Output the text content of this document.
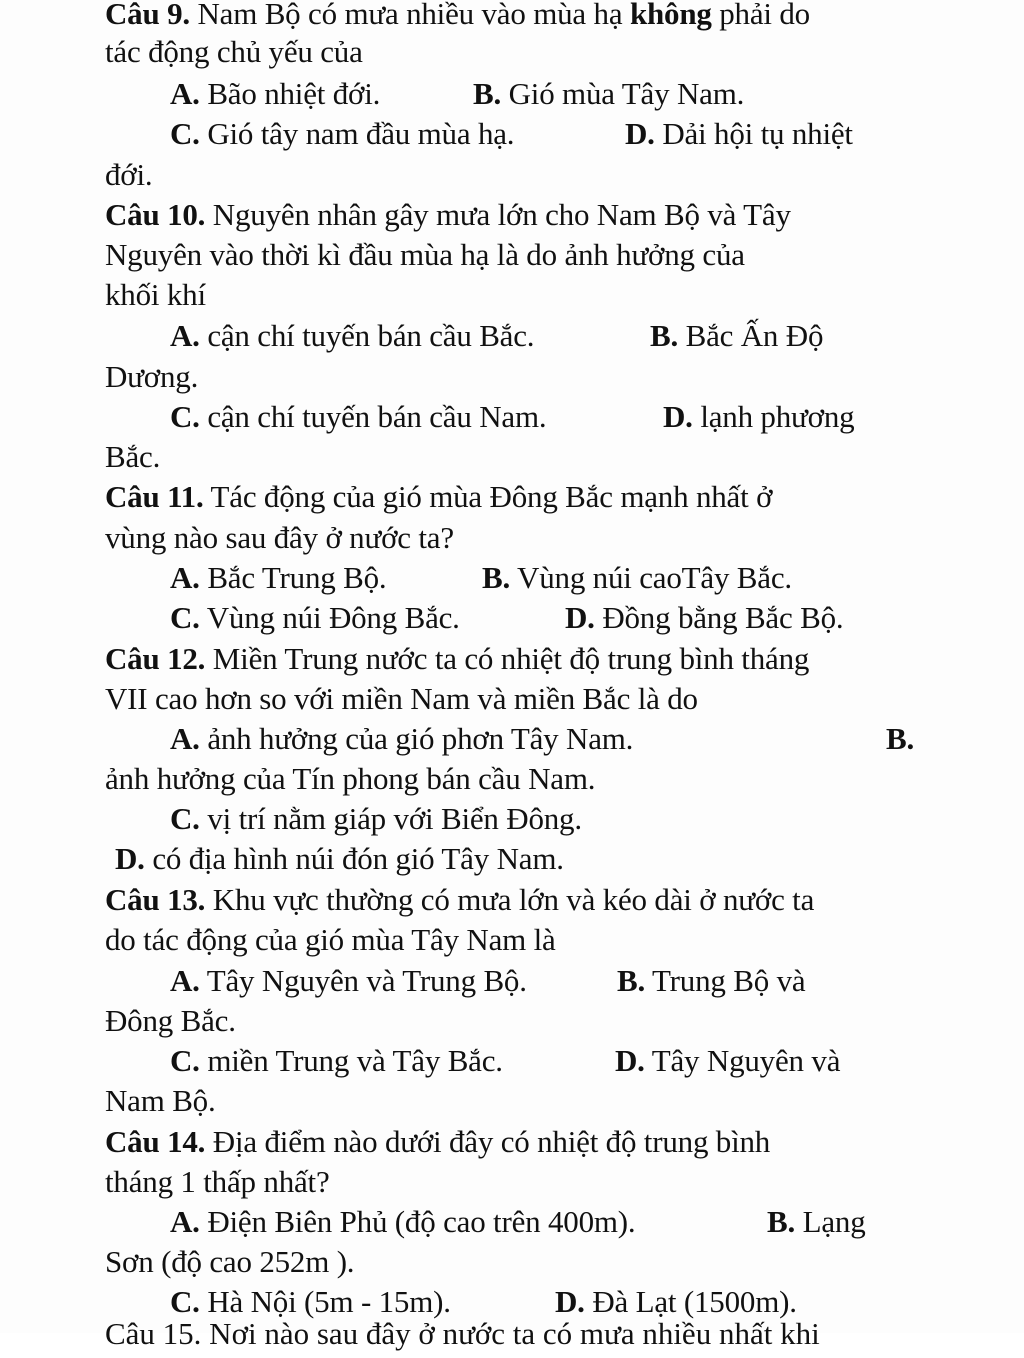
Câu 9. Nam Bộ có mưa nhiều vào mùa hạ không phải do
tác động chủ yếu của
A. Bão nhiệt đới.	B. Gió mùa Tây Nam.
C. Gió tây nam đầu mùa hạ.	D. Dải hội tụ nhiệt
đới.
Câu 10. Nguyên nhân gây mưa lớn cho Nam Bộ và Tây
Nguyên vào thời kì đầu mùa hạ là do ảnh hưởng của
khối khí
A. cận chí tuyến bán cầu Bắc.	B. Bắc Ấn Độ
Dương.
C. cận chí tuyến bán cầu Nam.	D. lạnh phương
Bắc.
Câu 11. Tác động của gió mùa Đông Bắc mạnh nhất ở
vùng nào sau đây ở nước ta?
A. Bắc Trung Bộ.	B. Vùng núi caoTây Bắc.
C. Vùng núi Đông Bắc.	D. Đồng bằng Bắc Bộ.
Câu 12. Miền Trung nước ta có nhiệt độ trung bình tháng
VII cao hơn so với miền Nam và miền Bắc là do
A. ảnh hưởng của gió phơn Tây Nam.	B.
ảnh hưởng của Tín phong bán cầu Nam.
C. vị trí nằm giáp với Biển Đông.
D. có địa hình núi đón gió Tây Nam.
Câu 13. Khu vực thường có mưa lớn và kéo dài ở nước ta
do tác động của gió mùa Tây Nam là
A. Tây Nguyên và Trung Bộ.	B. Trung Bộ và
Đông Bắc.
C. miền Trung và Tây Bắc.	D. Tây Nguyên và
Nam Bộ.
Câu 14. Địa điểm nào dưới đây có nhiệt độ trung bình
tháng 1 thấp nhất?
A. Điện Biên Phủ (độ cao trên 400m).	B. Lạng
Sơn (độ cao 252m ).
C. Hà Nội (5m - 15m).	D. Đà Lạt (1500m).
Câu 15. Nơi nào sau đây ở nước ta có mưa nhiều nhất khi
